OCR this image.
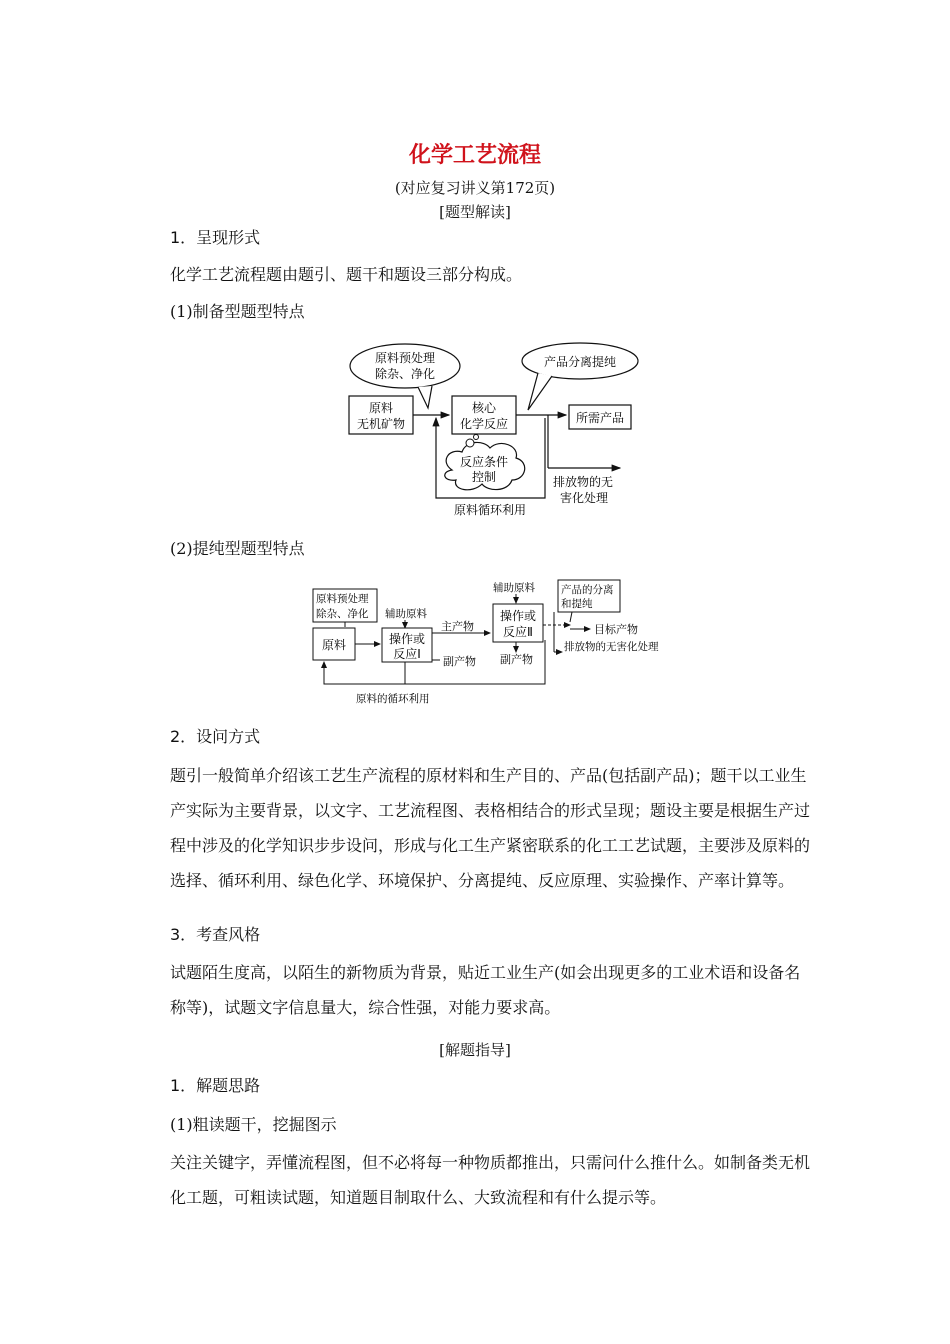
化学工艺流程
(对应复习讲义第172页)
[题型解读]
1．呈现形式
化学工艺流程题由题引、题干和题设三部分构成。
(1)制备型题型特点
原料预处理
除杂、净化
原料
无机矿物
核心
化学反应
产品分离提纯
所需产品
排放物的无
害化处理
反应条件
控制
原料循环利用
(2)提纯型题型特点
原料预处理
除杂、净化
原料
辅助原料
操作或
反应Ⅰ
主产物
副产物
辅助原料
操作或
反应Ⅱ
副产物
产品的分离
和提纯
目标产物
排放物的无害化处理
原料的循环利用
2．设问方式
题引一般简单介绍该工艺生产流程的原材料和生产目的、产品(包括副产品)；题干以工业生产实际为主要背景，以文字、工艺流程图、表格相结合的形式呈现；题设主要是根据生产过程中涉及的化学知识步步设问，形成与化工生产紧密联系的化工工艺试题，主要涉及原料的选择、循环利用、绿色化学、环境保护、分离提纯、反应原理、实验操作、产率计算等。
3．考查风格
试题陌生度高，以陌生的新物质为背景，贴近工业生产(如会出现更多的工业术语和设备名称等)，试题文字信息量大，综合性强，对能力要求高。
[解题指导]
1．解题思路
(1)粗读题干，挖掘图示
关注关键字，弄懂流程图，但不必将每一种物质都推出，只需问什么推什么。如制备类无机化工题，可粗读试题，知道题目制取什么、大致流程和有什么提示等。
